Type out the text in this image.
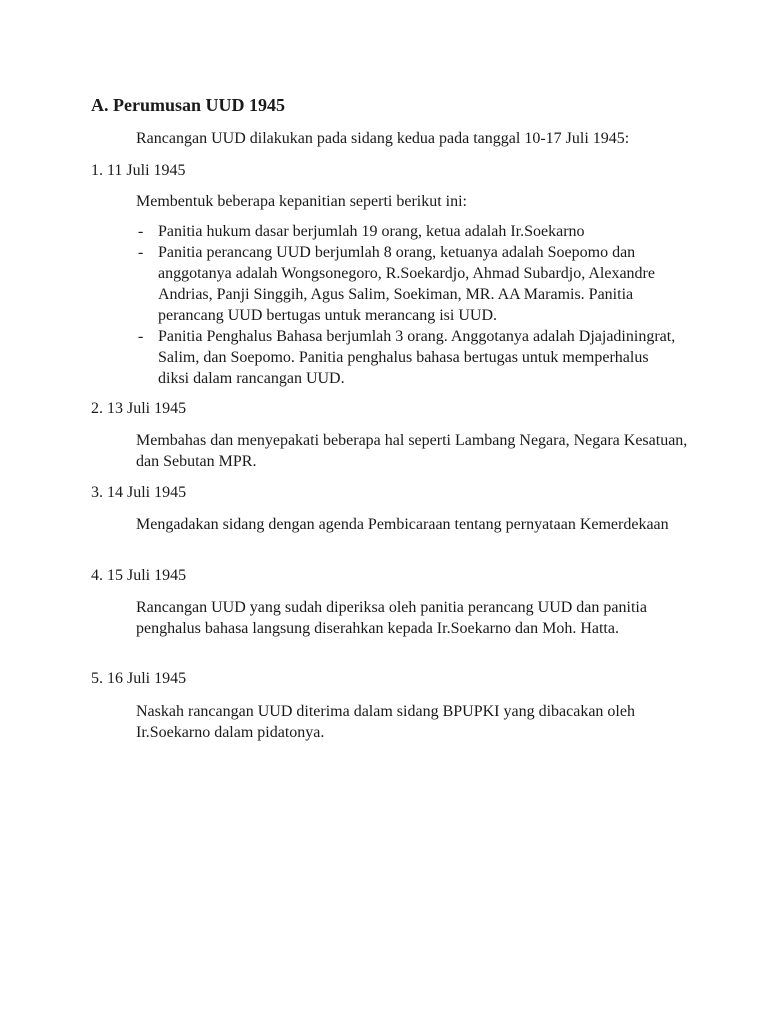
A. Perumusan UUD 1945

Rancangan UUD dilakukan pada sidang kedua pada tanggal 10-17 Juli 1945:

1. 11 Juli 1945

Membentuk beberapa kepanitian seperti berikut ini:

- Panitia hukum dasar berjumlah 19 orang, ketua adalah Ir.Soekarno
- Panitia perancang UUD berjumlah 8 orang, ketuanya adalah Soepomo dan anggotanya adalah Wongsonegoro, R.Soekardjo, Ahmad Subardjo, Alexandre Andrias, Panji Singgih, Agus Salim, Soekiman, MR. AA Maramis. Panitia perancang UUD bertugas untuk merancang isi UUD.
- Panitia Penghalus Bahasa berjumlah 3 orang. Anggotanya adalah Djajadiningrat, Salim, dan Soepomo. Panitia penghalus bahasa bertugas untuk memperhalus diksi dalam rancangan UUD.
2. 13 Juli 1945

Membahas dan menyepakati beberapa hal seperti Lambang Negara, Negara Kesatuan, dan Sebutan MPR.

3. 14 Juli 1945

Mengadakan sidang dengan agenda Pembicaraan tentang pernyataan Kemerdekaan

4. 15 Juli 1945

Rancangan UUD yang sudah diperiksa oleh panitia perancang UUD dan panitia penghalus bahasa langsung diserahkan kepada Ir.Soekarno dan Moh. Hatta.

5. 16 Juli 1945

Naskah rancangan UUD diterima dalam sidang BPUPKI yang dibacakan oleh Ir.Soekarno dalam pidatonya.
